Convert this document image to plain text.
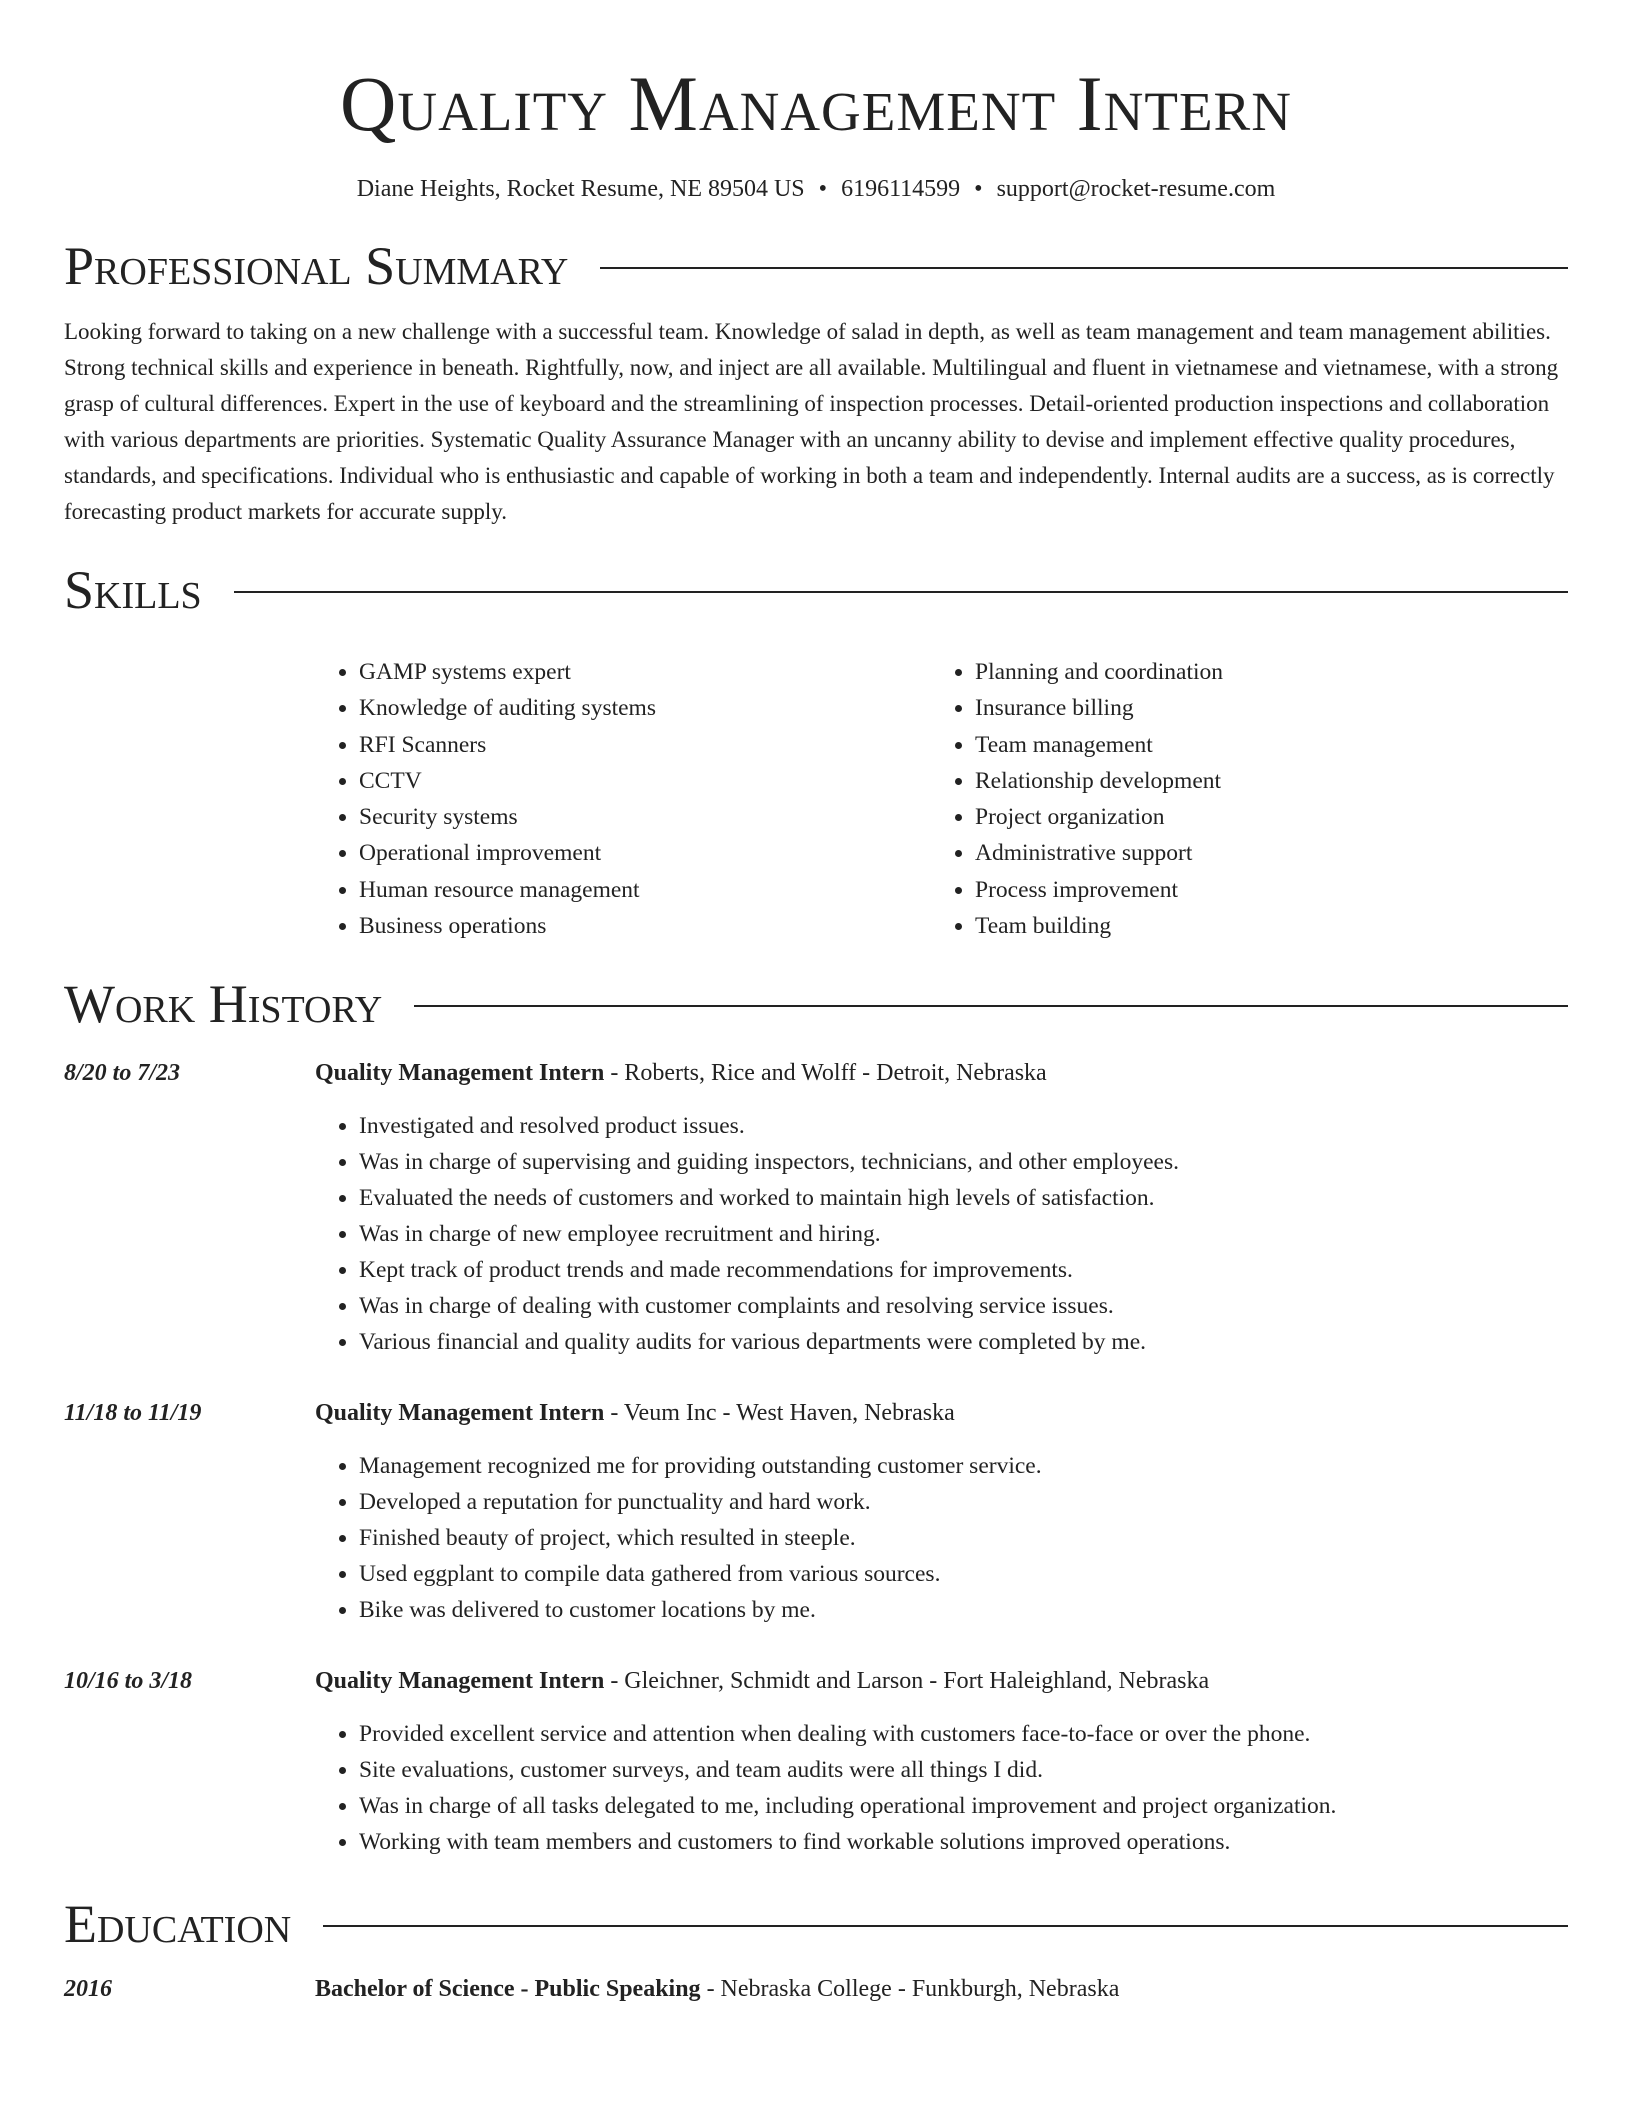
Quality Management Intern
Diane Heights, Rocket Resume, NE 89504 US • 6196114599 • support@rocket-resume.com
Professional Summary

Looking forward to taking on a new challenge with a successful team. Knowledge of salad in depth, as well as team management and team management abilities. Strong technical skills and experience in beneath. Rightfully, now, and inject are all available. Multilingual and fluent in vietnamese and vietnamese, with a strong grasp of cultural differences. Expert in the use of keyboard and the streamlining of inspection processes. Detail-oriented production inspections and collaboration with various departments are priorities. Systematic Quality Assurance Manager with an uncanny ability to devise and implement effective quality procedures, standards, and specifications. Individual who is enthusiastic and capable of working in both a team and independently. Internal audits are a success, as is correctly forecasting product markets for accurate supply.

Skills
• GAMP systems expert
• Knowledge of auditing systems
• RFI Scanners
• CCTV
• Security systems
• Operational improvement
• Human resource management
• Business operations
• Planning and coordination
• Insurance billing
• Team management
• Relationship development
• Project organization
• Administrative support
• Process improvement
• Team building
Work History
8/20 to 7/23	Quality Management Intern - Roberts, Rice and Wolff - Detroit, Nebraska
• Investigated and resolved product issues.
• Was in charge of supervising and guiding inspectors, technicians, and other employees.
• Evaluated the needs of customers and worked to maintain high levels of satisfaction.
• Was in charge of new employee recruitment and hiring.
• Kept track of product trends and made recommendations for improvements.
• Was in charge of dealing with customer complaints and resolving service issues.
• Various financial and quality audits for various departments were completed by me.
11/18 to 11/19	Quality Management Intern - Veum Inc - West Haven, Nebraska
• Management recognized me for providing outstanding customer service.
• Developed a reputation for punctuality and hard work.
• Finished beauty of project, which resulted in steeple.
• Used eggplant to compile data gathered from various sources.
• Bike was delivered to customer locations by me.
10/16 to 3/18	Quality Management Intern - Gleichner, Schmidt and Larson - Fort Haleighland, Nebraska
• Provided excellent service and attention when dealing with customers face-to-face or over the phone.
• Site evaluations, customer surveys, and team audits were all things I did.
• Was in charge of all tasks delegated to me, including operational improvement and project organization.
• Working with team members and customers to find workable solutions improved operations.
Education
2016	Bachelor of Science - Public Speaking - Nebraska College - Funkburgh, Nebraska
